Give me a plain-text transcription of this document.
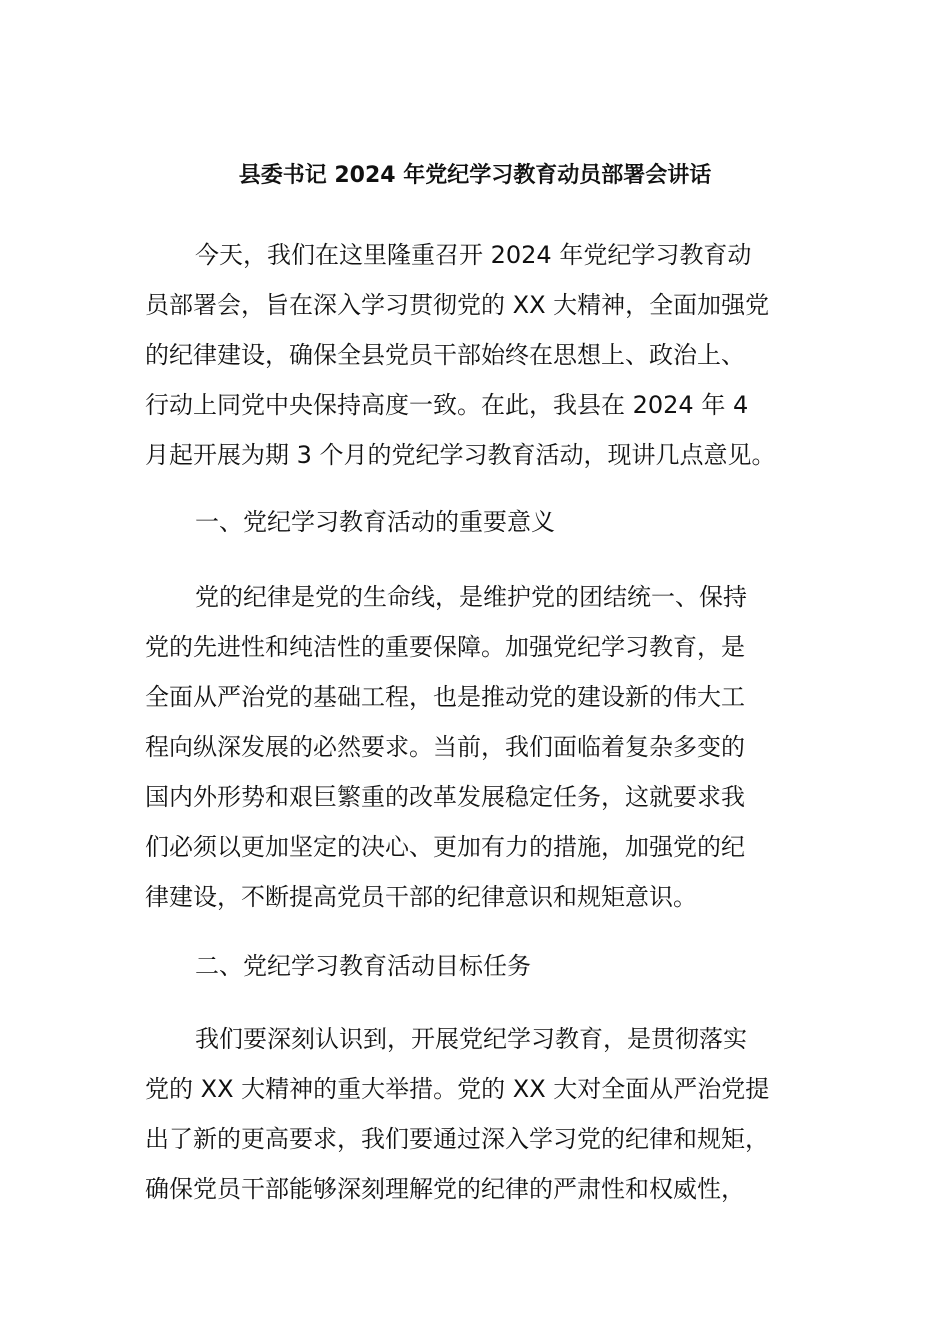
县委书记 2024 年党纪学习教育动员部署会讲话
今天，我们在这里隆重召开 2024 年党纪学习教育动
员部署会，旨在深入学习贯彻党的 XX 大精神，全面加强党
的纪律建设，确保全县党员干部始终在思想上、政治上、
行动上同党中央保持高度一致。在此，我县在 2024 年 4
月起开展为期 3 个月的党纪学习教育活动，现讲几点意见。
一、党纪学习教育活动的重要意义
党的纪律是党的生命线，是维护党的团结统一、保持
党的先进性和纯洁性的重要保障。加强党纪学习教育，是
全面从严治党的基础工程，也是推动党的建设新的伟大工
程向纵深发展的必然要求。当前，我们面临着复杂多变的
国内外形势和艰巨繁重的改革发展稳定任务，这就要求我
们必须以更加坚定的决心、更加有力的措施，加强党的纪
律建设，不断提高党员干部的纪律意识和规矩意识。
二、党纪学习教育活动目标任务
我们要深刻认识到，开展党纪学习教育，是贯彻落实
党的 XX 大精神的重大举措。党的 XX 大对全面从严治党提
出了新的更高要求，我们要通过深入学习党的纪律和规矩，
确保党员干部能够深刻理解党的纪律的严肃性和权威性，
